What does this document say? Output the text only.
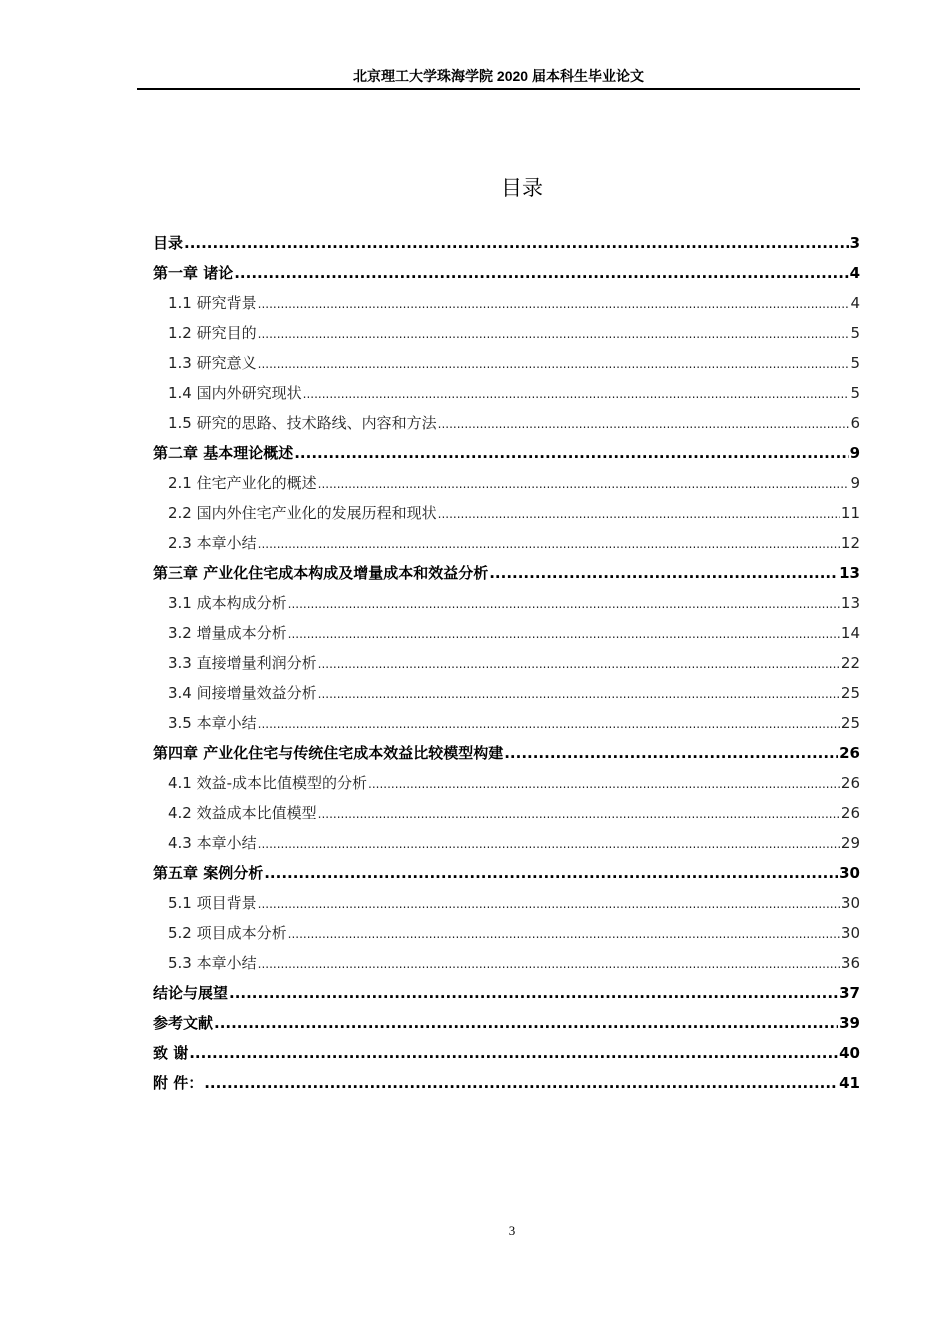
北京理工大学珠海学院 2020 届本科生毕业论文
目录
目录 .....	3
第一章 诸论 .....	4
1.1 研究背景 .....	4
1.2 研究目的 .....	5
1.3 研究意义 .....	5
1.4 国内外研究现状 .....	5
1.5 研究的思路、技术路线、内容和方法 .....	6
第二章 基本理论概述 .....	9
2.1 住宅产业化的概述 .....	9
2.2 国内外住宅产业化的发展历程和现状 .....	11
2.3 本章小结 .....	12
第三章 产业化住宅成本构成及增量成本和效益分析 .....	13
3.1 成本构成分析 .....	13
3.2 增量成本分析 .....	14
3.3 直接增量利润分析 .....	22
3.4 间接增量效益分析 .....	25
3.5 本章小结 .....	25
第四章 产业化住宅与传统住宅成本效益比较模型构建 .....	26
4.1 效益-成本比值模型的分析 .....	26
4.2 效益成本比值模型 .....	26
4.3 本章小结 .....	29
第五章 案例分析 .....	30
5.1 项目背景 .....	30
5.2 项目成本分析 .....	30
5.3 本章小结 .....	36
结论与展望 .....	37
参考文献 .....	39
致 谢 .....	40
附 件： .....	41
3
